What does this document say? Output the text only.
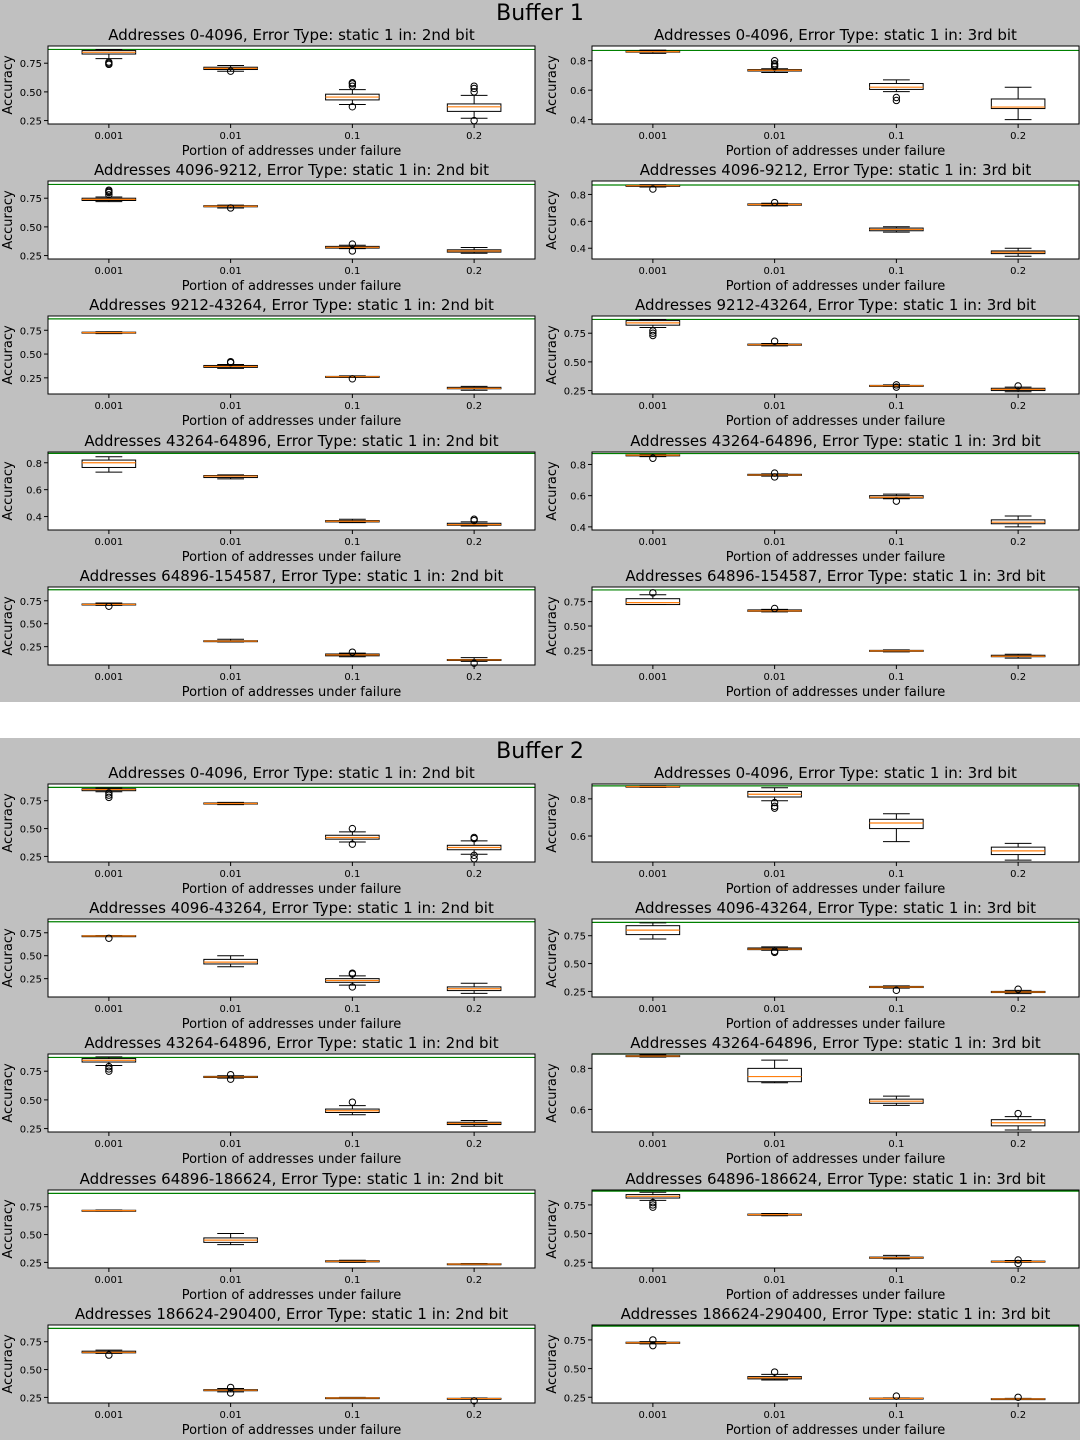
Buffer 1
Addresses 0-4096, Error Type: static 1 in: 2nd bit
0.25
0.50
0.75
0.001	0.01	0.1	0.2
Portion of addresses under failure
Accuracy
Addresses 0-4096, Error Type: static 1 in: 3rd bit
0.4
0.6
0.8
0.001	0.01	0.1	0.2
Portion of addresses under failure
Accuracy
Addresses 4096-9212, Error Type: static 1 in: 2nd bit
0.25
0.50
0.75
0.001	0.01	0.1	0.2
Portion of addresses under failure
Accuracy
Addresses 4096-9212, Error Type: static 1 in: 3rd bit
0.4
0.6
0.8
0.001	0.01	0.1	0.2
Portion of addresses under failure
Accuracy
Addresses 9212-43264, Error Type: static 1 in: 2nd bit
0.25
0.50
0.75
0.001	0.01	0.1	0.2
Portion of addresses under failure
Accuracy
Addresses 9212-43264, Error Type: static 1 in: 3rd bit
0.25
0.50
0.75
0.001	0.01	0.1	0.2
Portion of addresses under failure
Accuracy
Addresses 43264-64896, Error Type: static 1 in: 2nd bit
0.4
0.6
0.8
0.001	0.01	0.1	0.2
Portion of addresses under failure
Accuracy
Addresses 43264-64896, Error Type: static 1 in: 3rd bit
0.4
0.6
0.8
0.001	0.01	0.1	0.2
Portion of addresses under failure
Accuracy
Addresses 64896-154587, Error Type: static 1 in: 2nd bit
0.25
0.50
0.75
0.001	0.01	0.1	0.2
Portion of addresses under failure
Accuracy
Addresses 64896-154587, Error Type: static 1 in: 3rd bit
0.25
0.50
0.75
0.001	0.01	0.1	0.2
Portion of addresses under failure
Accuracy
Buffer 2
Addresses 0-4096, Error Type: static 1 in: 2nd bit
0.25
0.50
0.75
0.001	0.01	0.1	0.2
Portion of addresses under failure
Accuracy
Addresses 0-4096, Error Type: static 1 in: 3rd bit
0.6
0.8
0.001	0.01	0.1	0.2
Portion of addresses under failure
Accuracy
Addresses 4096-43264, Error Type: static 1 in: 2nd bit
0.25
0.50
0.75
0.001	0.01	0.1	0.2
Portion of addresses under failure
Accuracy
Addresses 4096-43264, Error Type: static 1 in: 3rd bit
0.25
0.50
0.75
0.001	0.01	0.1	0.2
Portion of addresses under failure
Accuracy
Addresses 43264-64896, Error Type: static 1 in: 2nd bit
0.25
0.50
0.75
0.001	0.01	0.1	0.2
Portion of addresses under failure
Accuracy
Addresses 43264-64896, Error Type: static 1 in: 3rd bit
0.6
0.8
0.001	0.01	0.1	0.2
Portion of addresses under failure
Accuracy
Addresses 64896-186624, Error Type: static 1 in: 2nd bit
0.25
0.50
0.75
0.001	0.01	0.1	0.2
Portion of addresses under failure
Accuracy
Addresses 64896-186624, Error Type: static 1 in: 3rd bit
0.25
0.50
0.75
0.001	0.01	0.1	0.2
Portion of addresses under failure
Accuracy
Addresses 186624-290400, Error Type: static 1 in: 2nd bit
0.25
0.50
0.75
0.001	0.01	0.1	0.2
Portion of addresses under failure
Accuracy
Addresses 186624-290400, Error Type: static 1 in: 3rd bit
0.25
0.50
0.75
0.001	0.01	0.1	0.2
Portion of addresses under failure
Accuracy
